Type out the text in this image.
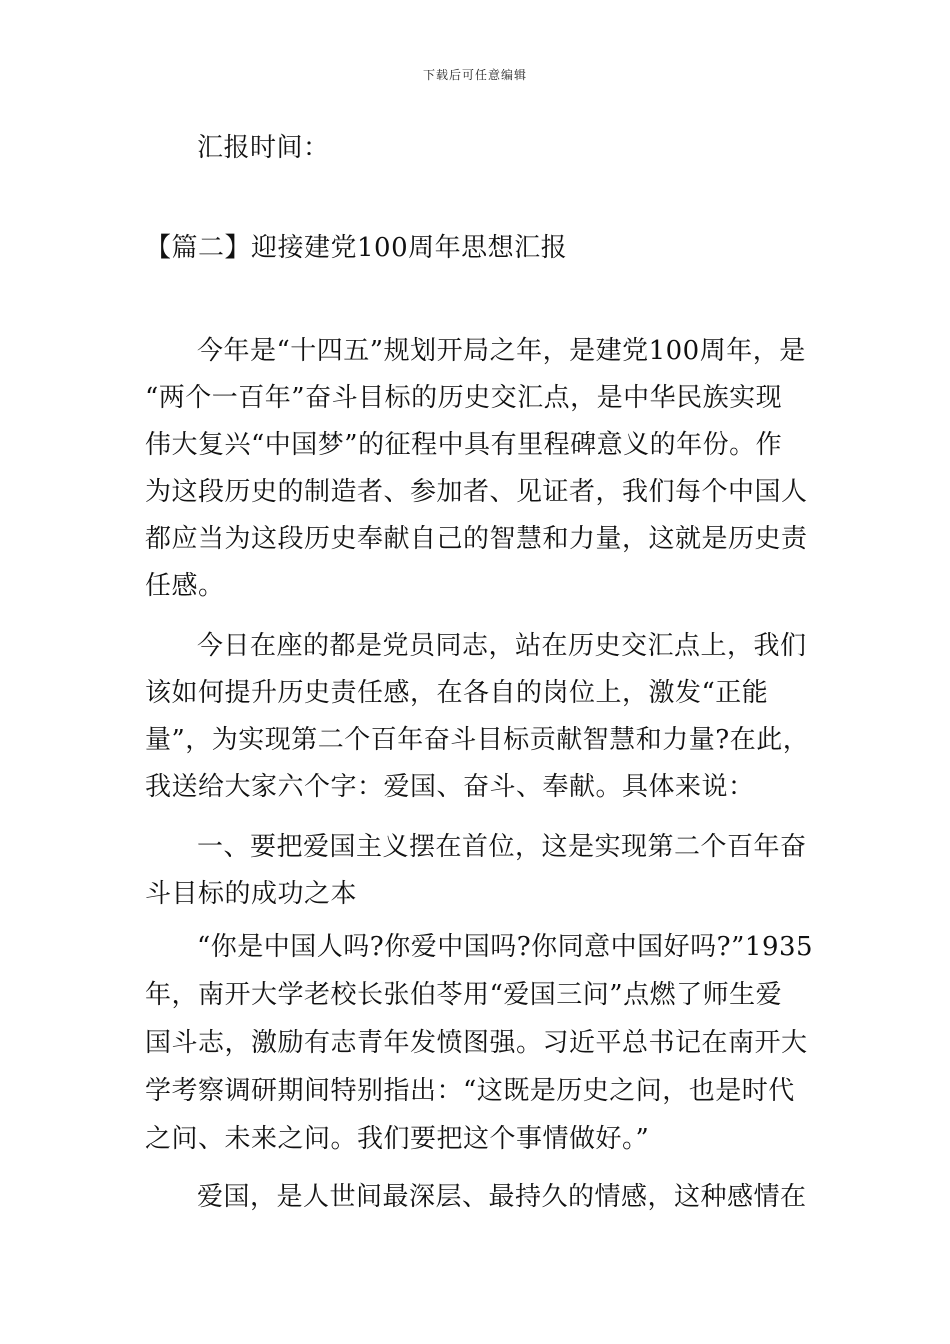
下载后可任意编辑
汇报时间：
【篇二】迎接建党100周年思想汇报
今年是“十四五”规划开局之年，是建党100周年，是
“两个一百年”奋斗目标的历史交汇点，是中华民族实现
伟大复兴“中国梦”的征程中具有里程碑意义的年份。作
为这段历史的制造者、参加者、见证者，我们每个中国人
都应当为这段历史奉献自己的智慧和力量，这就是历史责
任感。
今日在座的都是党员同志，站在历史交汇点上，我们
该如何提升历史责任感，在各自的岗位上，激发“正能
量”，为实现第二个百年奋斗目标贡献智慧和力量?在此，
我送给大家六个字：爱国、奋斗、奉献。具体来说：
一、要把爱国主义摆在首位，这是实现第二个百年奋
斗目标的成功之本
“你是中国人吗?你爱中国吗?你同意中国好吗?”1935
年，南开大学老校长张伯苓用“爱国三问”点燃了师生爱
国斗志，激励有志青年发愤图强。习近平总书记在南开大
学考察调研期间特别指出：“这既是历史之问，也是时代
之问、未来之问。我们要把这个事情做好。”
爱国，是人世间最深层、最持久的情感，这种感情在
